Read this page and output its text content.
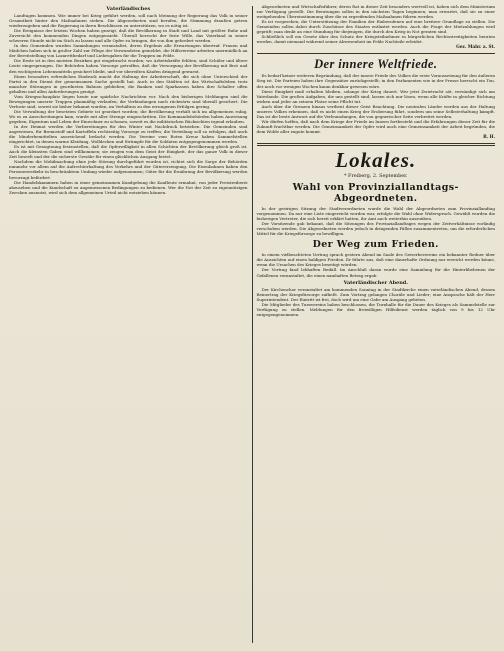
Vaterländisches

Landtagen kommen. Wie immer bei Krieg geführt werden, soll nach Meinung der Regierung das Volk in seiner Gesamtheit hinter den Maßnahmen stehen. Die Abgeordneten sind berufen, die Stimmung draußen getreu wiederzugeben und die Regierung in ihren Beschlüssen zu unterstützen, wo es nötig ist.

Die Ereignisse der letzten Wochen haben gezeigt, daß die Bevölkerung in Stadt und Land mit größter Ruhe und Zuversicht den kommenden Dingen entgegensieht. Überall herrscht der feste Wille, das Vaterland in seiner schweren Stunde nicht im Stich zu lassen und alle Opfer zu bringen, die von ihm gefordert werden.

In den Gemeinden wurden Sammlungen veranstaltet, deren Ergebnis alle Erwartungen übertraf. Frauen und Mädchen haben sich in großer Zahl zur Pflege der Verwundeten gemeldet, die Hilfsvereine arbeiten unermüdlich an der Bereitstellung von Lazarettbedarf und Liebesgaben für die Truppen im Felde.

Die Ernte ist in den meisten Bezirken gut eingebracht worden; wo Arbeitskräfte fehlten, sind Schüler und ältere Leute eingesprungen. Die Behörden haben Vorsorge getroffen, daß die Versorgung der Bevölkerung mit Brot und den wichtigsten Lebensmitteln gesichert bleibt, und vor übereilten Käufen dringend gewarnt.

Einen besonders erfreulichen Eindruck macht die Haltung der Arbeiterschaft, die sich ohne Unterschied der Partei in den Dienst der gemeinsamen Sache gestellt hat. Auch in den Städten ist das Wirtschaftsleben trotz mancher Störungen in geordneten Bahnen geblieben; die Banken und Sparkassen haben ihre Schalter offen gehalten und allen Anforderungen genügt.

Vom Kriegsschauplatz liegen heute nur spärliche Nachrichten vor. Nach den bisherigen Meldungen sind die Bewegungen unserer Truppen planmäßig verlaufen; die Verbindungen nach rückwärts sind überall gesichert. Die Verluste sind, soweit sie bisher bekannt wurden, im Verhältnis zu den errungenen Erfolgen gering.

Die Verwaltung der besetzten Gebiete ist geordnet worden; die Bevölkerung verhält sich im allgemeinen ruhig. Wo es zu Ausschreitungen kam, wurde mit aller Strenge eingeschritten. Die Kommandobehörden haben Anweisung gegeben, Eigentum und Leben der Einwohner zu schonen, soweit es die militärischen Rücksichten irgend erlauben.

In der Heimat werden die Vorbereitungen für den Winter mit Nachdruck betrieben. Die Gemeinden sind angewiesen, für Brennstoff und Kartoffeln rechtzeitig Vorsorge zu treffen; die Verteilung soll so erfolgen, daß auch die Minderbemittelten ausreichend bedacht werden. Die Vereine vom Roten Kreuz haben Sammelstellen eingerichtet, in denen warme Kleidung, Wolldecken und Strümpfe für die Soldaten entgegengenommen werden.

Es ist mit Genugtuung festzustellen, daß die Opferwilligkeit in allen Schichten der Bevölkerung gleich groß ist. Auch die kleinsten Gaben sind willkommen; sie zeugen von dem Geist der Einigkeit, der das ganze Volk in dieser Zeit beseelt und der die sicherste Gewähr für einen glücklichen Ausgang bietet.

Nachdem die Mobilmachung ohne jede Störung durchgeführt worden ist, richtet sich die Sorge der Behörden nunmehr vor allem auf die Aufrechterhaltung des Verkehrs und der Gütererzeugung. Die Eisenbahnen haben den Personenverkehr in beschränktem Umfang wieder aufgenommen; Güter für die Ernährung der Bevölkerung werden bevorzugt befördert.

Die Handelskammern haben in einer gemeinsamen Kundgebung die Kaufleute ermahnt, von jeder Preistreiberei abzusehen und die Kundschaft zu angemessenen Bedingungen zu bedienen. Wer die Not der Zeit zu eigennützigen Zwecken ausnutzt, wird sich dem allgemeinen Urteil nicht entziehen können.

Abgeordneten und Wirtschaftsführer, deren Rat in dieser Zeit besonders wertvoll ist, haben sich dem Ministerium zur Verfügung gestellt. Die Beratungen sollen in den nächsten Tagen beginnen; man erwartet, daß sie zu einer weitgehenden Übereinstimmung über die zu ergreifenden Maßnahmen führen werden.

Es ist vorgesehen, die Unterstützung der Familien der Einberufenen auf eine breitere Grundlage zu stellen. Die Gemeinden sollen dabei durch Zuschüsse des Staates entlastet werden. Auch die Frage der Mietzahlungen wird geprüft; man denkt an eine Stundung für diejenigen, die durch den Krieg in Not geraten sind.

Schließlich soll ein Gesetz über den Schutz der Kriegsteilnehmer in bürgerlichen Rechtsstreitigkeiten beraten werden, damit niemand während seiner Abwesenheit im Felde Nachteile erleidet.

Gez. Mahr. a. St.
Der innere Weltfriede.

Es bedarf keiner weiteren Begründung, daß der innere Friede des Volkes die erste Voraussetzung für den äußeren Sieg ist. Die Parteien haben ihre Gegensätze zurückgestellt; in den Parlamenten wie in der Presse herrscht ein Ton, der noch vor wenigen Wochen kaum denkbar gewesen wäre.

Diese Einigkeit muß erhalten bleiben, solange der Krieg dauert. Wer jetzt Zwietracht sät, versündigt sich am Vaterlande. Die großen Aufgaben, die uns gestellt sind, lassen sich nur lösen, wenn alle Kräfte in gleicher Richtung wirken und jeder an seinem Platze seine Pflicht tut.

Auch über die Grenzen hinaus verdient dieser Geist Beachtung. Die neutralen Länder werden aus der Haltung unseres Volkes erkennen, daß es nicht einen Krieg der Eroberung führt, sondern um seine Selbsterhaltung kämpft. Das ist die beste Antwort auf die Verleumdungen, die von gegnerischer Seite verbreitet werden.

Wir dürfen hoffen, daß nach dem Kriege der Friede im Innern fortbesteht und die Erfahrungen dieser Zeit für die Zukunft fruchtbar werden. Die Gemeinsamkeit der Opfer wird auch eine Gemeinsamkeit der Arbeit begründen, die dem Wohle aller zugute kommt.

R. H.
Lokales.
* Freiberg, 2. September.
Wahl von Provinziallandtags-Abgeordneten.

In der gestrigen Sitzung der Stadtverordneten wurde die Wahl der Abgeordneten zum Provinziallandtag vorgenommen. Da nur eine Liste eingereicht worden war, erfolgte die Wahl ohne Widerspruch. Gewählt wurden die bisherigen Vertreter, die sich bereit erklärt hatten, ihr Amt auch weiterhin auszuüben.

Der Vorsitzende gab bekannt, daß die Sitzungen des Provinziallandtages wegen der Zeitverhältnisse vorläufig verschoben werden. Die Abgeordneten werden jedoch in dringenden Fällen zusammentreten, um die erforderlichen Mittel für die Kriegsfürsorge zu bewilligen.

Der Weg zum Frieden.

In einem vielbeachteten Vortrag sprach gestern Abend im Saale des Gewerbevereins ein bekannter Redner über die Aussichten auf einen baldigen Frieden. Er führte aus, daß eine dauerhafte Ordnung nur erreicht werden könne, wenn die Ursachen des Krieges beseitigt würden.

Der Vortrag fand lebhaften Beifall. Im Anschluß daran wurde eine Sammlung für die Hinterbliebenen der Gefallenen veranstaltet, die einen namhaften Betrag ergab.

Vaterländischer Abend.

Der Kirchenchor veranstaltet am kommenden Sonntag in der Stadtkirche einen vaterländischen Abend, dessen Reinertrag der Kriegsfürsorge zufließt. Zum Vortrag gelangen Choräle und Lieder; eine Ansprache hält der Herr Superintendent. Der Eintritt ist frei, doch wird um eine Gabe am Ausgang gebeten.

Die Mitglieder des Turnvereins haben beschlossen, die Turnhalle für die Dauer des Krieges als Sammelstelle zur Verfügung zu stellen. Meldungen für den freiwilligen Hilfsdienst werden täglich von 9 bis 12 Uhr entgegengenommen.
